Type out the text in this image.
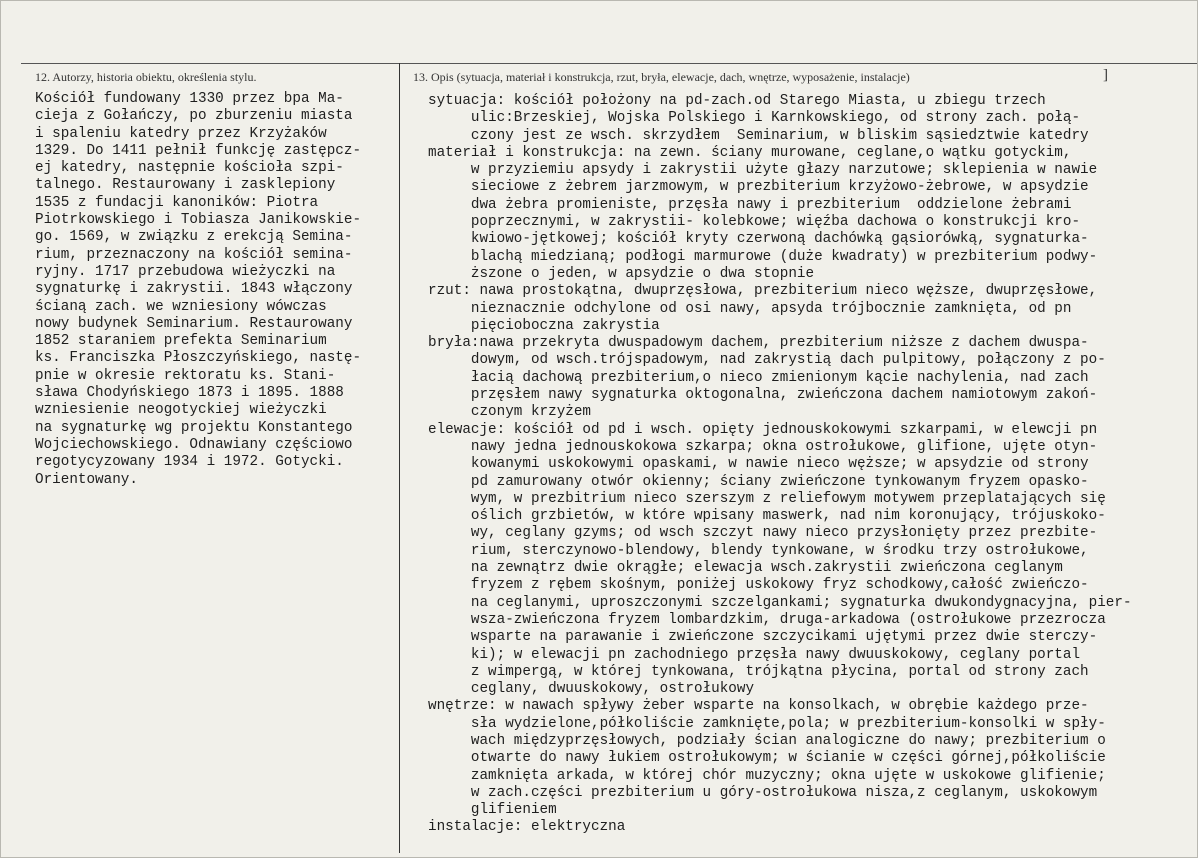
12. Autorzy, historia obiektu, określenia stylu.	13. Opis (sytuacja, materiał i konstrukcja, rzut, bryła, elewacje, dach, wnętrze, wyposażenie, instalacje)	]
Kościół fundowany 1330 przez bpa Ma-
cieja z Gołańczy, po zburzeniu miasta
i spaleniu katedry przez Krzyżaków
1329. Do 1411 pełnił funkcję zastępcz-
ej katedry, następnie kościoła szpi-
talnego. Restaurowany i zasklepiony
1535 z fundacji kanoników: Piotra
Piotrkowskiego i Tobiasza Janikowskie-
go. 1569, w związku z erekcją Semina-
rium, przeznaczony na kościół semina-
ryjny. 1717 przebudowa wieżyczki na
sygnaturkę i zakrystii. 1843 włączony
ścianą zach. we wzniesiony wówczas
nowy budynek Seminarium. Restaurowany
1852 staraniem prefekta Seminarium
ks. Franciszka Płoszczyńskiego, nastę-
pnie w okresie rektoratu ks. Stani-
sława Chodyńskiego 1873 i 1895. 1888
wzniesienie neogotyckiej wieżyczki
na sygnaturkę wg projektu Konstantego
Wojciechowskiego. Odnawiany częściowo
regotycyzowany 1934 i 1972. Gotycki.
Orientowany.
sytuacja: kościół położony na pd-zach.od Starego Miasta, u zbiegu trzech
ulic:Brzeskiej, Wojska Polskiego i Karnkowskiego, od strony zach. połą-
czony jest ze wsch. skrzydłem  Seminarium, w bliskim sąsiedztwie katedry
materiał i konstrukcja: na zewn. ściany murowane, ceglane,o wątku gotyckim,
w przyziemiu apsydy i zakrystii użyte głazy narzutowe; sklepienia w nawie
sieciowe z żebrem jarzmowym, w prezbiterium krzyżowo-żebrowe, w apsydzie
dwa żebra promieniste, przęsła nawy i prezbiterium  oddzielone żebrami
poprzecznymi, w zakrystii- kolebkowe; więźba dachowa o konstrukcji kro-
kwiowo-jętkowej; kościół kryty czerwoną dachówką gąsiorówką, sygnaturka-
blachą miedzianą; podłogi marmurowe (duże kwadraty) w prezbiterium podwy-
ższone o jeden, w apsydzie o dwa stopnie
rzut: nawa prostokątna, dwuprzęsłowa, prezbiterium nieco węższe, dwuprzęsłowe,
nieznacznie odchylone od osi nawy, apsyda trójbocznie zamknięta, od pn
pięcioboczna zakrystia
bryła:nawa przekryta dwuspadowym dachem, prezbiterium niższe z dachem dwuspa-
dowym, od wsch.trójspadowym, nad zakrystią dach pulpitowy, połączony z po-
łacią dachową prezbiterium,o nieco zmienionym kącie nachylenia, nad zach
przęsłem nawy sygnaturka oktogonalna, zwieńczona dachem namiotowym zakoń-
czonym krzyżem
elewacje: kościół od pd i wsch. opięty jednouskokowymi szkarpami, w elewcji pn
nawy jedna jednouskokowa szkarpa; okna ostrołukowe, glifione, ujęte otyn-
kowanymi uskokowymi opaskami, w nawie nieco węższe; w apsydzie od strony
pd zamurowany otwór okienny; ściany zwieńczone tynkowanym fryzem opasko-
wym, w prezbitrium nieco szerszym z reliefowym motywem przeplatających się
oślich grzbietów, w które wpisany maswerk, nad nim koronujący, trójuskoko-
wy, ceglany gzyms; od wsch szczyt nawy nieco przysłonięty przez prezbite-
rium, sterczynowo-blendowy, blendy tynkowane, w środku trzy ostrołukowe,
na zewnątrz dwie okrągłe; elewacja wsch.zakrystii zwieńczona ceglanym
fryzem z rębem skośnym, poniżej uskokowy fryz schodkowy,całość zwieńczo-
na ceglanymi, uproszczonymi szczelgankami; sygnaturka dwukondygnacyjna, pier-
wsza-zwieńczona fryzem lombardzkim, druga-arkadowa (ostrołukowe przezrocza
wsparte na parawanie i zwieńczone szczycikami ujętymi przez dwie sterczy-
ki); w elewacji pn zachodniego przęsła nawy dwuuskokowy, ceglany portal
z wimpergą, w której tynkowana, trójkątna płycina, portal od strony zach
ceglany, dwuuskokowy, ostrołukowy
wnętrze: w nawach spływy żeber wsparte na konsolkach, w obrębie każdego prze-
sła wydzielone,półkoliście zamknięte,pola; w prezbiterium-konsolki w spły-
wach międzyprzęsłowych, podziały ścian analogiczne do nawy; prezbiterium o
otwarte do nawy łukiem ostrołukowym; w ścianie w części górnej,półkoliście
zamknięta arkada, w której chór muzyczny; okna ujęte w uskokowe glifienie;
w zach.części prezbiterium u góry-ostrołukowa nisza,z ceglanym, uskokowym
glifieniem
instalacje: elektryczna
